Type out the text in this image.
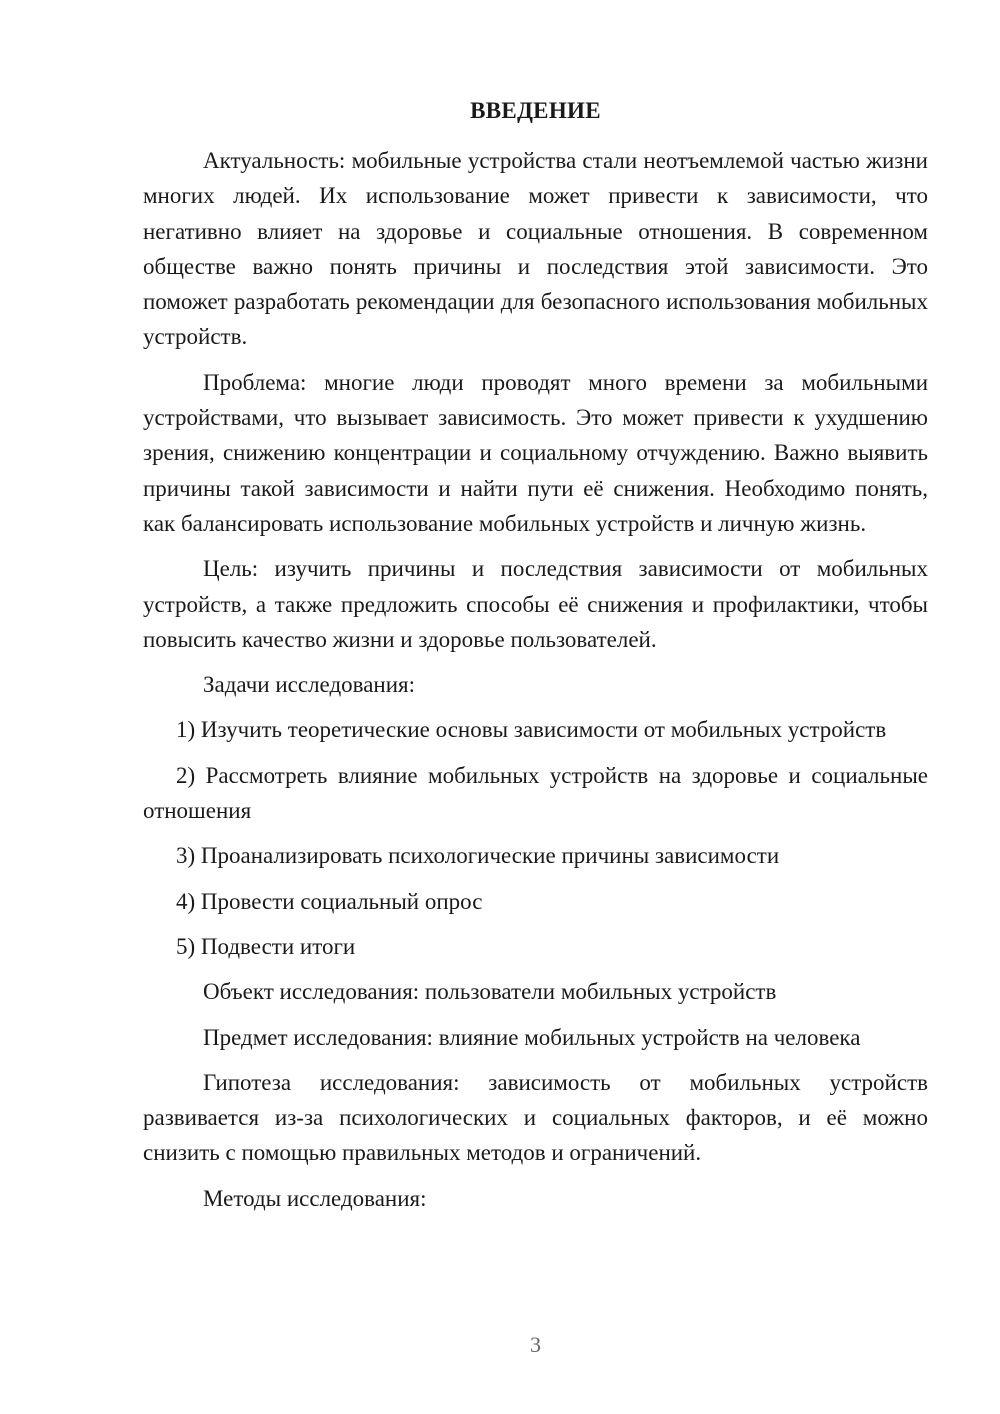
ВВЕДЕНИЕ

Актуальность: мобильные устройства стали неотъемлемой частью жизни многих людей. Их использование может привести к зависимости, что негативно влияет на здоровье и социальные отношения. В современном обществе важно понять причины и последствия этой зависимости. Это поможет разработать рекомендации для безопасного использования мобильных устройств.

Проблема: многие люди проводят много времени за мобильными устройствами, что вызывает зависимость. Это может привести к ухудшению зрения, снижению концентрации и социальному отчуждению. Важно выявить причины такой зависимости и найти пути её снижения. Необходимо понять, как балансировать использование мобильных устройств и личную жизнь.

Цель: изучить причины и последствия зависимости от мобильных устройств, а также предложить способы её снижения и профилактики, чтобы повысить качество жизни и здоровье пользователей.

Задачи исследования:

1) Изучить теоретические основы зависимости от мобильных устройств

2) Рассмотреть влияние мобильных устройств на здоровье и социальные отношения

3) Проанализировать психологические причины зависимости

4) Провести социальный опрос

5) Подвести итоги

Объект исследования: пользователи мобильных устройств

Предмет исследования: влияние мобильных устройств на человека

Гипотеза исследования: зависимость от мобильных устройств развивается из-за психологических и социальных факторов, и её можно снизить с помощью правильных методов и ограничений.

Методы исследования:

3
